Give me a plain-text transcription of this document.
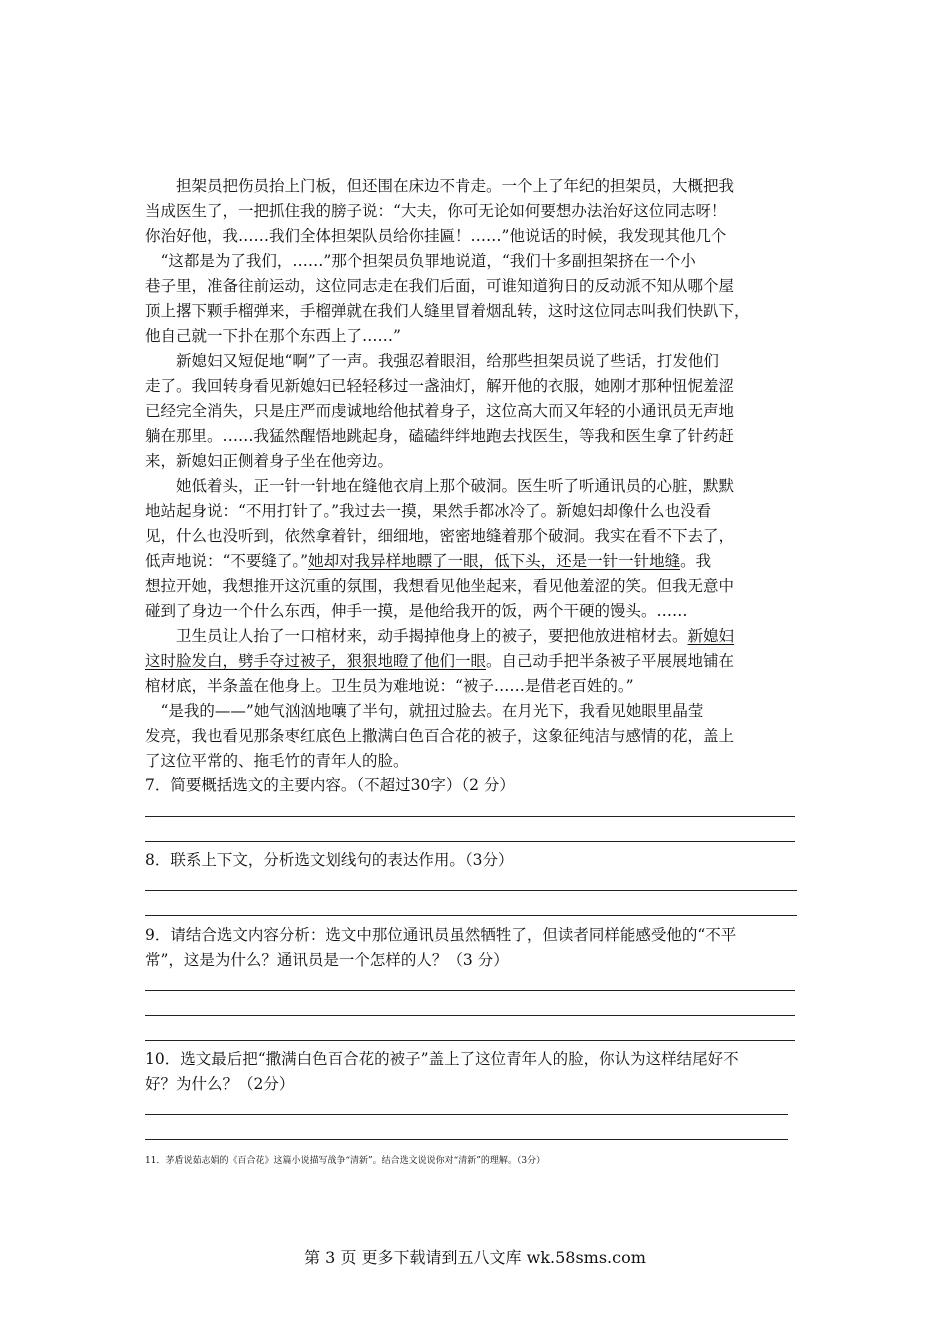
　　担架员把伤员抬上门板，但还围在床边不肯走。一个上了年纪的担架员，大概把我
当成医生了，一把抓住我的膀子说：“大夫，你可无论如何要想办法治好这位同志呀！
你治好他，我……我们全体担架队员给你挂匾！……”他说话的时候，我发现其他几个
　“这都是为了我们，……”那个担架员负罪地说道，“我们十多副担架挤在一个小
巷子里，准备往前运动，这位同志走在我们后面，可谁知道狗日的反动派不知从哪个屋
顶上撂下颗手榴弹来，手榴弹就在我们人缝里冒着烟乱转，这时这位同志叫我们快趴下，
他自己就一下扑在那个东西上了……”
　　新媳妇又短促地“啊”了一声。我强忍着眼泪，给那些担架员说了些话，打发他们
走了。我回转身看见新媳妇已轻轻移过一盏油灯，解开他的衣服，她刚才那种忸怩羞涩
已经完全消失，只是庄严而虔诚地给他拭着身子，这位高大而又年轻的小通讯员无声地
躺在那里。……我猛然醒悟地跳起身，磕磕绊绊地跑去找医生，等我和医生拿了针药赶
来，新媳妇正侧着身子坐在他旁边。
　　她低着头，正一针一针地在缝他衣肩上那个破洞。医生听了听通讯员的心脏，默默
地站起身说：“不用打针了。”我过去一摸，果然手都冰冷了。新媳妇却像什么也没看
见，什么也没听到，依然拿着针，细细地，密密地缝着那个破洞。我实在看不下去了，
低声地说：“不要缝了。”她却对我异样地瞟了一眼，低下头，还是一针一针地缝。我
想拉开她，我想推开这沉重的氛围，我想看见他坐起来，看见他羞涩的笑。但我无意中
碰到了身边一个什么东西，伸手一摸，是他给我开的饭，两个干硬的馒头。……
　　卫生员让人抬了一口棺材来，动手揭掉他身上的被子，要把他放进棺材去。新媳妇
这时脸发白，劈手夺过被子，狠狠地瞪了他们一眼。自己动手把半条被子平展展地铺在
棺材底，半条盖在他身上。卫生员为难地说：“被子……是借老百姓的。”
　“是我的——”她气汹汹地嚷了半句，就扭过脸去。在月光下，我看见她眼里晶莹
发亮，我也看见那条枣红底色上撒满白色百合花的被子，这象征纯洁与感情的花，盖上
了这位平常的、拖毛竹的青年人的脸。
7．简要概括选文的主要内容。（不超过30字）（2 分）
8．联系上下文，分析选文划线句的表达作用。（3分）
9．请结合选文内容分析：选文中那位通讯员虽然牺牲了，但读者同样能感受他的“不平
常”，这是为什么？通讯员是一个怎样的人？（3 分）
10．选文最后把“撒满白色百合花的被子”盖上了这位青年人的脸，你认为这样结尾好不
好？为什么？（2分）
11．茅盾说茹志娟的《百合花》这篇小说描写战争“清新”。结合选文说说你对“清新”的理解。（3分）
第 3 页 更多下载请到五八文库 wk.58sms.com
